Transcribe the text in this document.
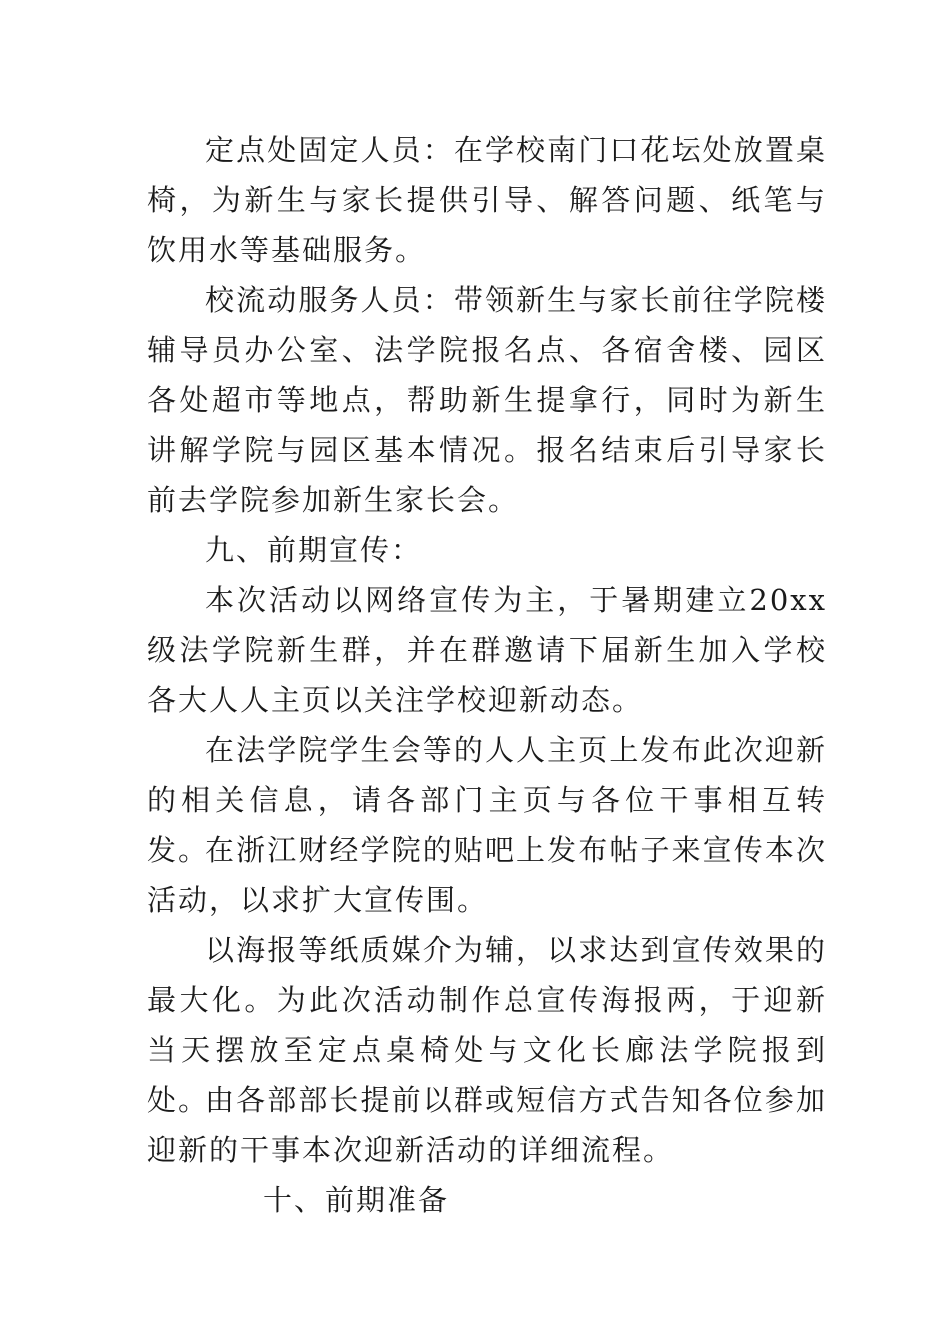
定点处固定人员：在学校南门口花坛处放置桌椅，为新生与家长提供引导、解答问题、纸笔与饮用水等基础服务。

校流动服务人员：带领新生与家长前往学院楼辅导员办公室、法学院报名点、各宿舍楼、园区各处超市等地点，帮助新生提拿行，同时为新生讲解学院与园区基本情况。报名结束后引导家长前去学院参加新生家长会。

九、前期宣传：

本次活动以网络宣传为主，于暑期建立20xx级法学院新生群，并在群邀请下届新生加入学校各大人人主页以关注学校迎新动态。

在法学院学生会等的人人主页上发布此次迎新的相关信息，请各部门主页与各位干事相互转发。

在浙江财经学院的贴吧上发布帖子来宣传本次活动，以求扩大宣传围。

以海报等纸质媒介为辅，以求达到宣传效果的最大化。为此次活动制作总宣传海报两，于迎新当天摆放至定点桌椅处与文化长廊法学院报到处。

由各部部长提前以群或短信方式告知各位参加迎新的干事本次迎新活动的详细流程。

十、前期准备
